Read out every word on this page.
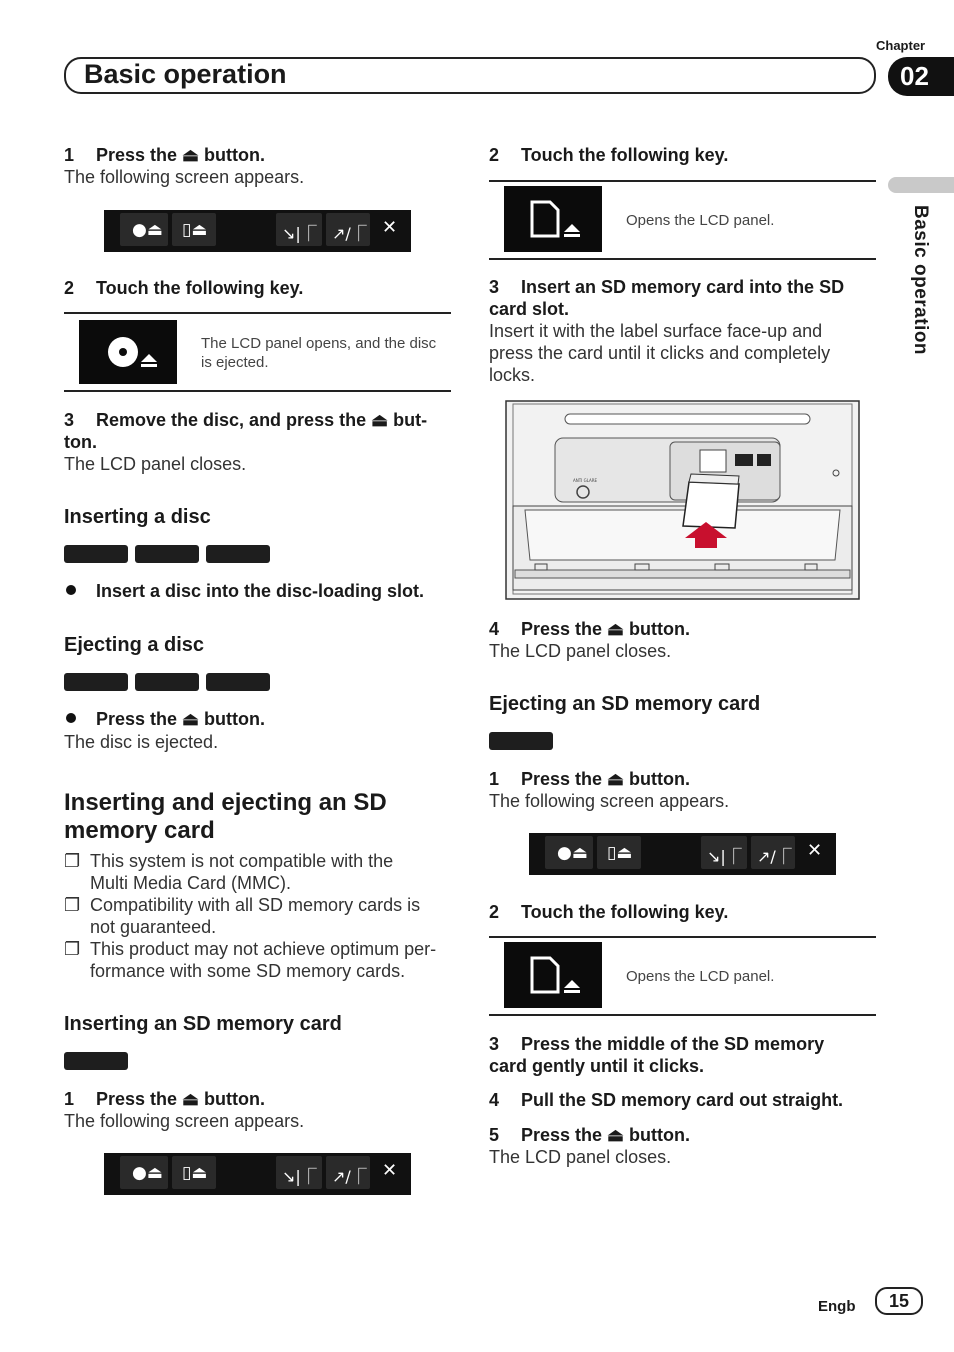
Chapter
Basic operation	02
Basic operation
1 Press the ⏏ button.
The following screen appears.
●⏏ ▯⏏	↘|⎾ ↗/⎾ ✕
2 Touch the following key.
The LCD panel opens, and the disc is ejected.
3 Remove the disc, and press the ⏏ but-
ton.
The LCD panel closes.
Inserting a disc
Insert a disc into the disc-loading slot.
Ejecting a disc
Press the ⏏ button.
The disc is ejected.
Inserting and ejecting an SD
memory card
❐ This system is not compatible with the
Multi Media Card (MMC).
❐ Compatibility with all SD memory cards is
not guaranteed.
❐ This product may not achieve optimum per-
formance with some SD memory cards.
Inserting an SD memory card
1 Press the ⏏ button.
The following screen appears.
●⏏ ▯⏏	↘|⎾ ↗/⎾ ✕
2 Touch the following key.
Opens the LCD panel.
3 Insert an SD memory card into the SD
card slot.
Insert it with the label surface face-up and
press the card until it clicks and completely
locks.
ANTI GLARE
4 Press the ⏏ button.
The LCD panel closes.
Ejecting an SD memory card
1 Press the ⏏ button.
The following screen appears.
●⏏ ▯⏏	↘|⎾ ↗/⎾ ✕
2 Touch the following key.
Opens the LCD panel.
3 Press the middle of the SD memory
card gently until it clicks.
4 Pull the SD memory card out straight.
5 Press the ⏏ button.
The LCD panel closes.
Engb	15
